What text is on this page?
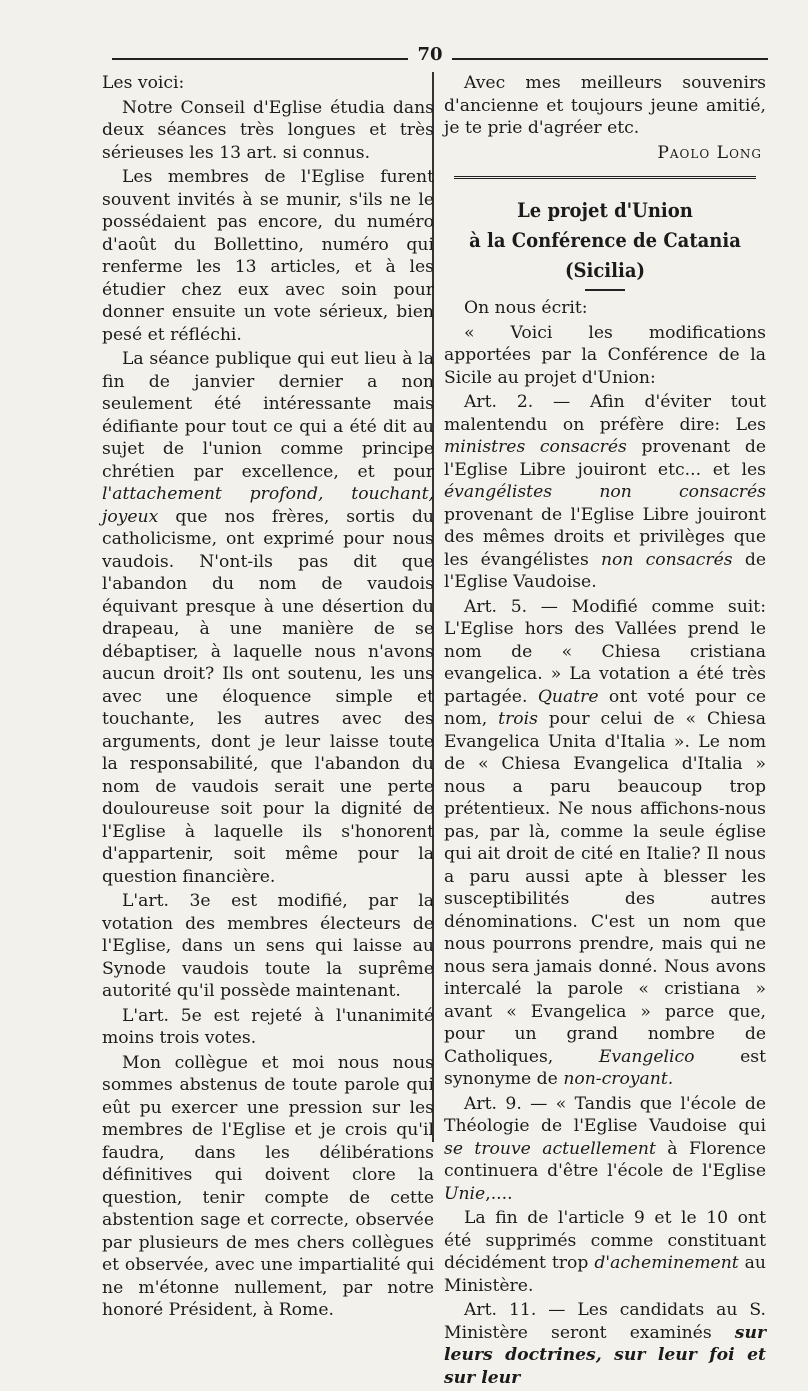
70

Les voici:

Notre Conseil d'Eglise étudia dans deux séances très longues et très sérieuses les 13 art. si connus.

Les membres de l'Eglise furent souvent invités à se munir, s'ils ne le possédaient pas encore, du numéro d'août du Bollettino, numéro qui renferme les 13 articles, et à les étudier chez eux avec soin pour donner ensuite un vote sérieux, bien pesé et réfléchi.

La séance publique qui eut lieu à la fin de janvier dernier a non seulement été intéressante mais édifiante pour tout ce qui a été dit au sujet de l'union comme principe chrétien par excellence, et pour l'attachement profond, touchant, joyeux que nos frères, sortis du catholicisme, ont exprimé pour nous vaudois. N'ont-ils pas dit que l'abandon du nom de vaudois équivant presque à une désertion du drapeau, à une manière de se débaptiser, à laquelle nous n'avons aucun droit? Ils ont soutenu, les uns avec une éloquence simple et touchante, les autres avec des arguments, dont je leur laisse toute la responsabilité, que l'abandon du nom de vaudois serait une perte douloureuse soit pour la dignité de l'Eglise à laquelle ils s'honorent d'appartenir, soit même pour la question financière.

L'art. 3e est modifié, par la votation des membres électeurs de l'Eglise, dans un sens qui laisse au Synode vaudois toute la suprême autorité qu'il possède maintenant.

L'art. 5e est rejeté à l'unanimité moins trois votes.

Mon collègue et moi nous nous sommes abstenus de toute parole qui eût pu exercer une pression sur les membres de l'Eglise et je crois qu'il faudra, dans les délibérations définitives qui doivent clore la question, tenir compte de cette abstention sage et correcte, observée par plusieurs de mes chers collègues et observée, avec une impartialité qui ne m'étonne nullement, par notre honoré Président, à Rome.

Avec mes meilleurs souvenirs d'ancienne et toujours jeune amitié, je te prie d'agréer etc.

Paolo Long
Le projet d'Union
à la Conférence de Catania (Sicilia)

On nous écrit:

« Voici les modifications apportées par la Conférence de la Sicile au projet d'Union:

Art. 2. — Afin d'éviter tout malentendu on préfère dire: Les ministres consacrés provenant de l'Eglise Libre jouiront etc... et les évangélistes non consacrés provenant de l'Eglise Libre jouiront des mêmes droits et privilèges que les évangélistes non consacrés de l'Eglise Vaudoise.

Art. 5. — Modifié comme suit: L'Eglise hors des Vallées prend le nom de « Chiesa cristiana evangelica. » La votation a été très partagée. Quatre ont voté pour ce nom, trois pour celui de « Chiesa Evangelica Unita d'Italia ». Le nom de « Chiesa Evangelica d'Italia » nous a paru beaucoup trop prétentieux. Ne nous affichons-nous pas, par là, comme la seule église qui ait droit de cité en Italie? Il nous a paru aussi apte à blesser les susceptibilités des autres dénominations. C'est un nom que nous pourrons prendre, mais qui ne nous sera jamais donné. Nous avons intercalé la parole « cristiana » avant « Evangelica » parce que, pour un grand nombre de Catholiques, Evangelico est synonyme de non-croyant.

Art. 9. — « Tandis que l'école de Théologie de l'Eglise Vaudoise qui se trouve actuellement à Florence continuera d'être l'école de l'Eglise Unie,....

La fin de l'article 9 et le 10 ont été supprimés comme constituant décidément trop d'acheminement au Ministère.

Art. 11. — Les candidats au S. Ministère seront examinés sur leurs doctrines, sur leur foi et sur leur
